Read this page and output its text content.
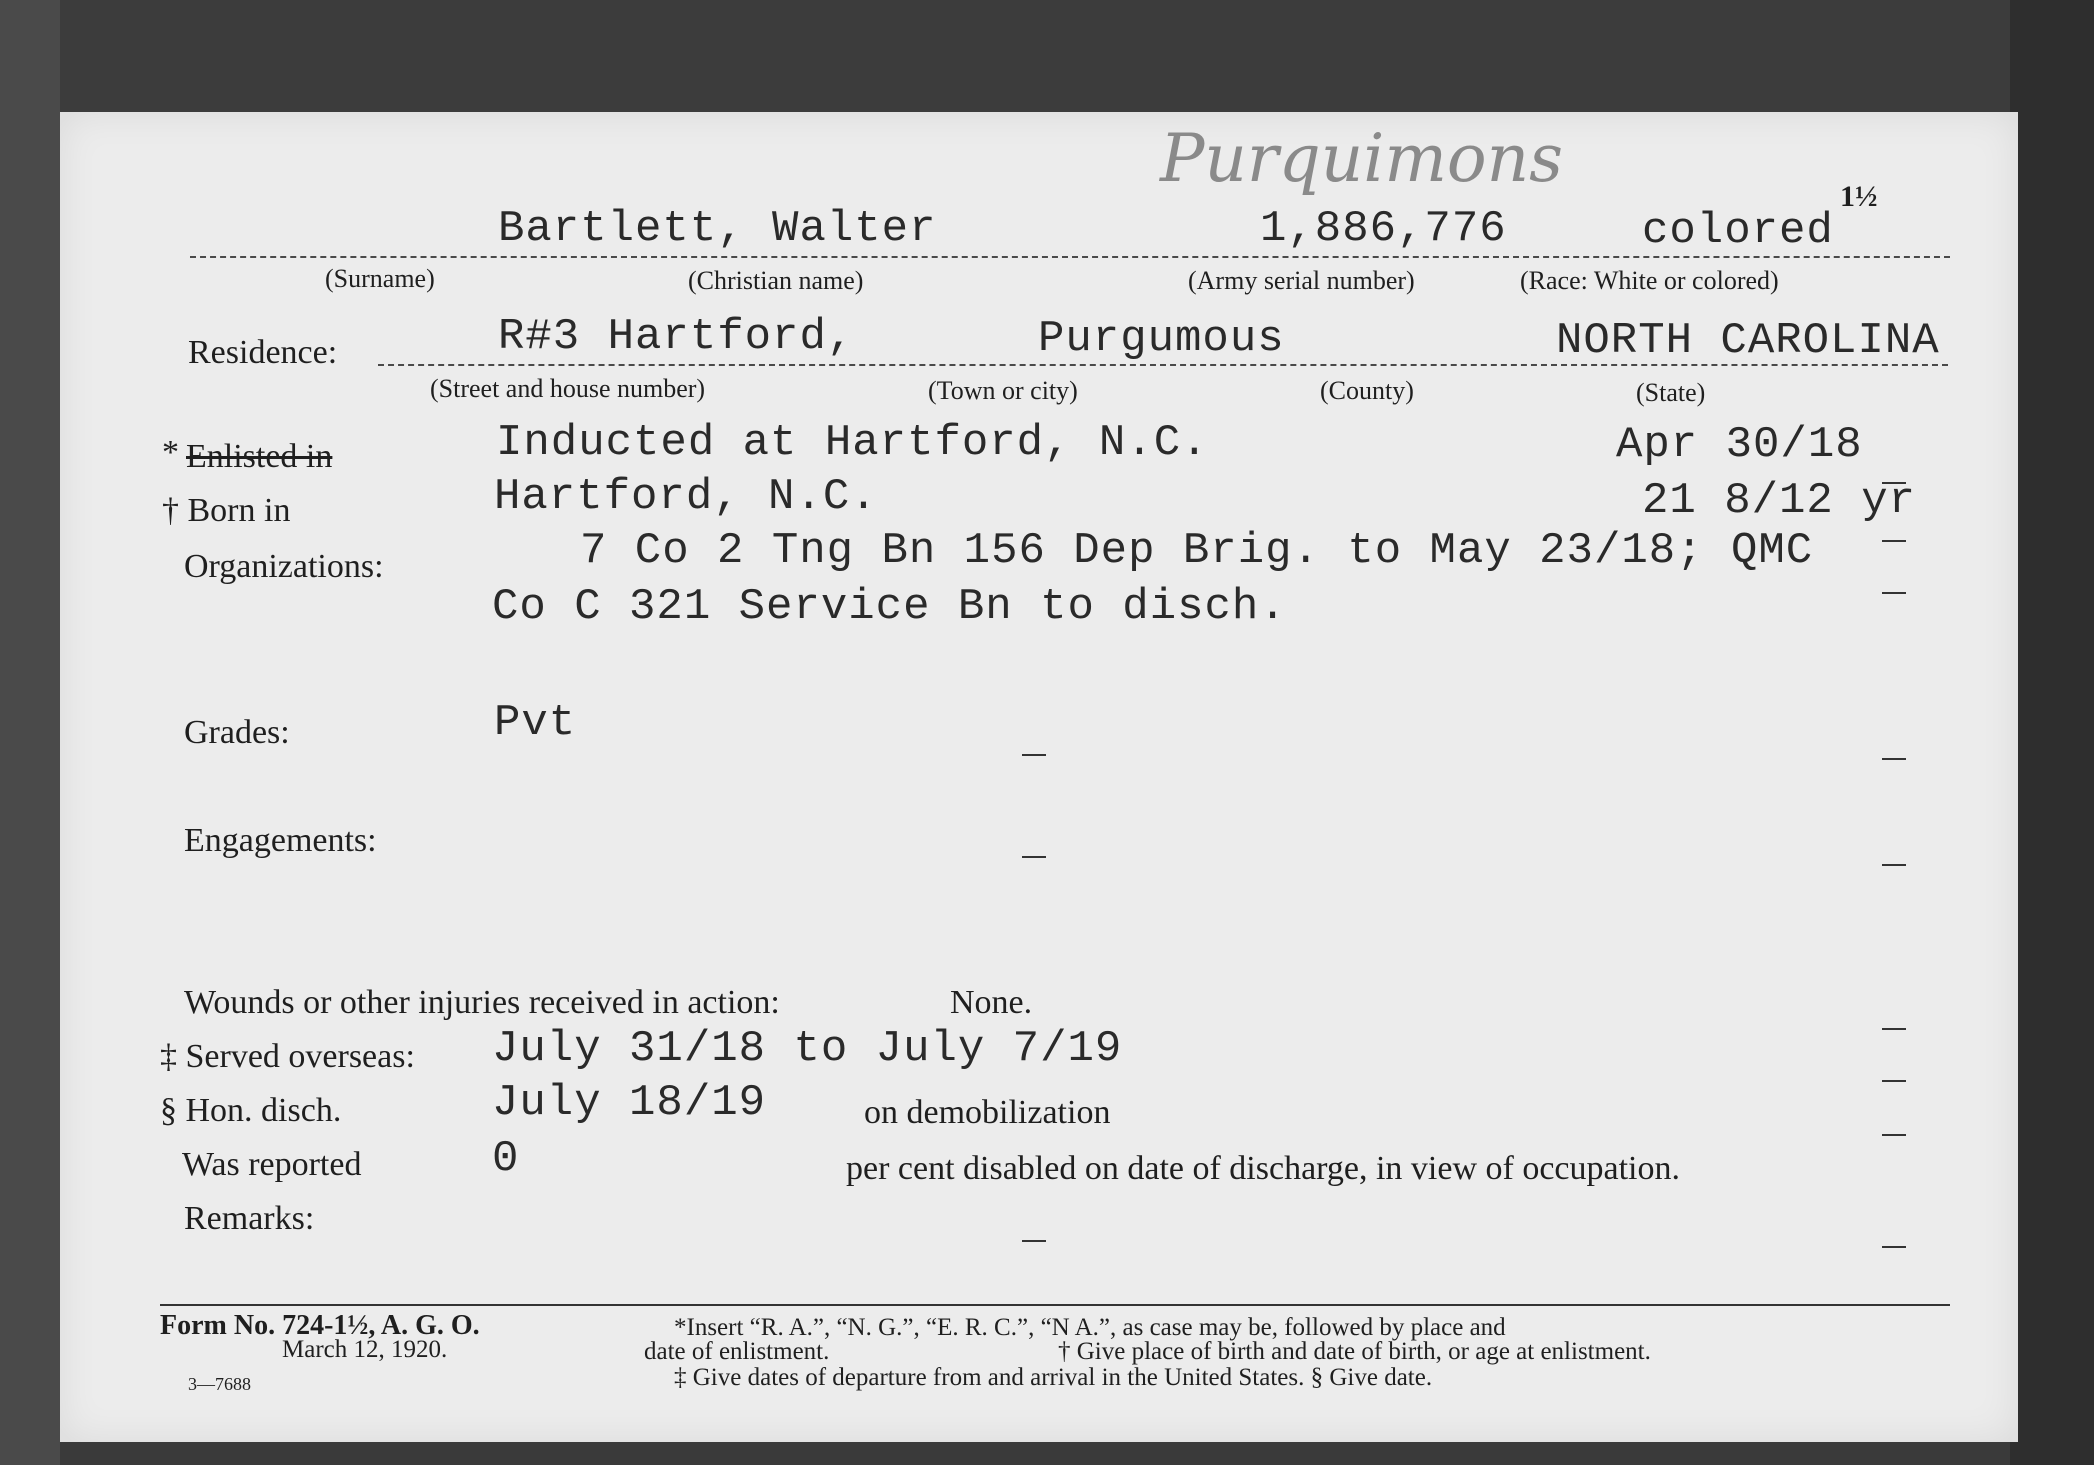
Purquimons	1½
Bartlett, Walter	1,886,776	colored
(Surname)	(Christian name)	(Army serial number)	(Race: White or colored)
Residence:	R#3 Hartford,	Purgumous	NORTH CAROLINA
(Street and house number)	(Town or city)	(County)	(State)
* Enlisted in	Inducted at Hartford, N.C.	Apr 30/18
† Born in	Hartford, N.C.	21 8/12 yr
Organizations:	7 Co 2 Tng Bn 156 Dep Brig. to May 23/18; QMC
Co C 321 Service Bn to disch.
Grades:	Pvt
Engagements:
Wounds or other injuries received in action:	None.
‡ Served overseas: July 31/18 to July 7/19
§ Hon. disch.	July 18/19	on demobilization
Was reported	0	per cent disabled on date of discharge, in view of occupation.
Remarks:
Form No. 724-1½, A. G. O.
March 12, 1920.
3—7688
*Insert “R. A.”, “N. G.”, “E. R. C.”, “N A.”, as case may be, followed by place and
date of enlistment.	† Give place of birth and date of birth, or age at enlistment.
‡ Give dates of departure from and arrival in the United States. § Give date.
